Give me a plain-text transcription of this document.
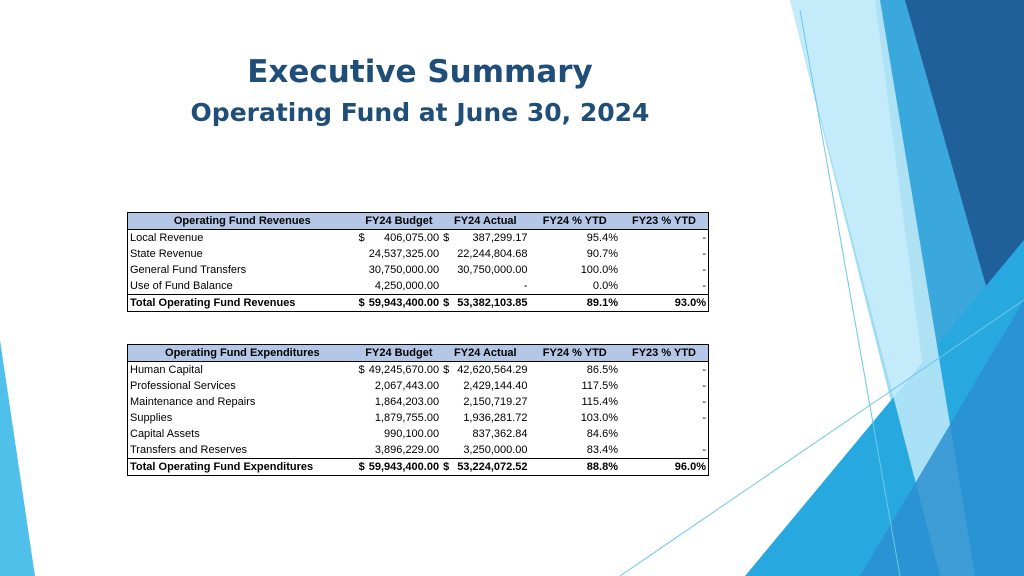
Executive Summary
Operating Fund at June 30, 2024
Operating Fund Revenues	FY24 Budget	FY24 Actual	FY24 % YTD	FY23 % YTD
Local Revenue	$ 406,075.00	$ 387,299.17	95.4%	-
State Revenue	24,537,325.00	22,244,804.68	90.7%	-
General Fund Transfers	30,750,000.00	30,750,000.00	100.0%	-
Use of Fund Balance	4,250,000.00	-	0.0%	-
Total Operating Fund Revenues	$ 59,943,400.00	$ 53,382,103.85	89.1%	93.0%
Operating Fund Expenditures	FY24 Budget	FY24 Actual	FY24 % YTD	FY23 % YTD
Human Capital	$ 49,245,670.00	$ 42,620,564.29	86.5%	-
Professional Services	2,067,443.00	2,429,144.40	117.5%	-
Maintenance and Repairs	1,864,203.00	2,150,719.27	115.4%	-
Supplies	1,879,755.00	1,936,281.72	103.0%	-
Capital Assets	990,100.00	837,362.84	84.6%	
Transfers and Reserves	3,896,229.00	3,250,000.00	83.4%	-
Total Operating Fund Expenditures	$ 59,943,400.00	$ 53,224,072.52	88.8%	96.0%
